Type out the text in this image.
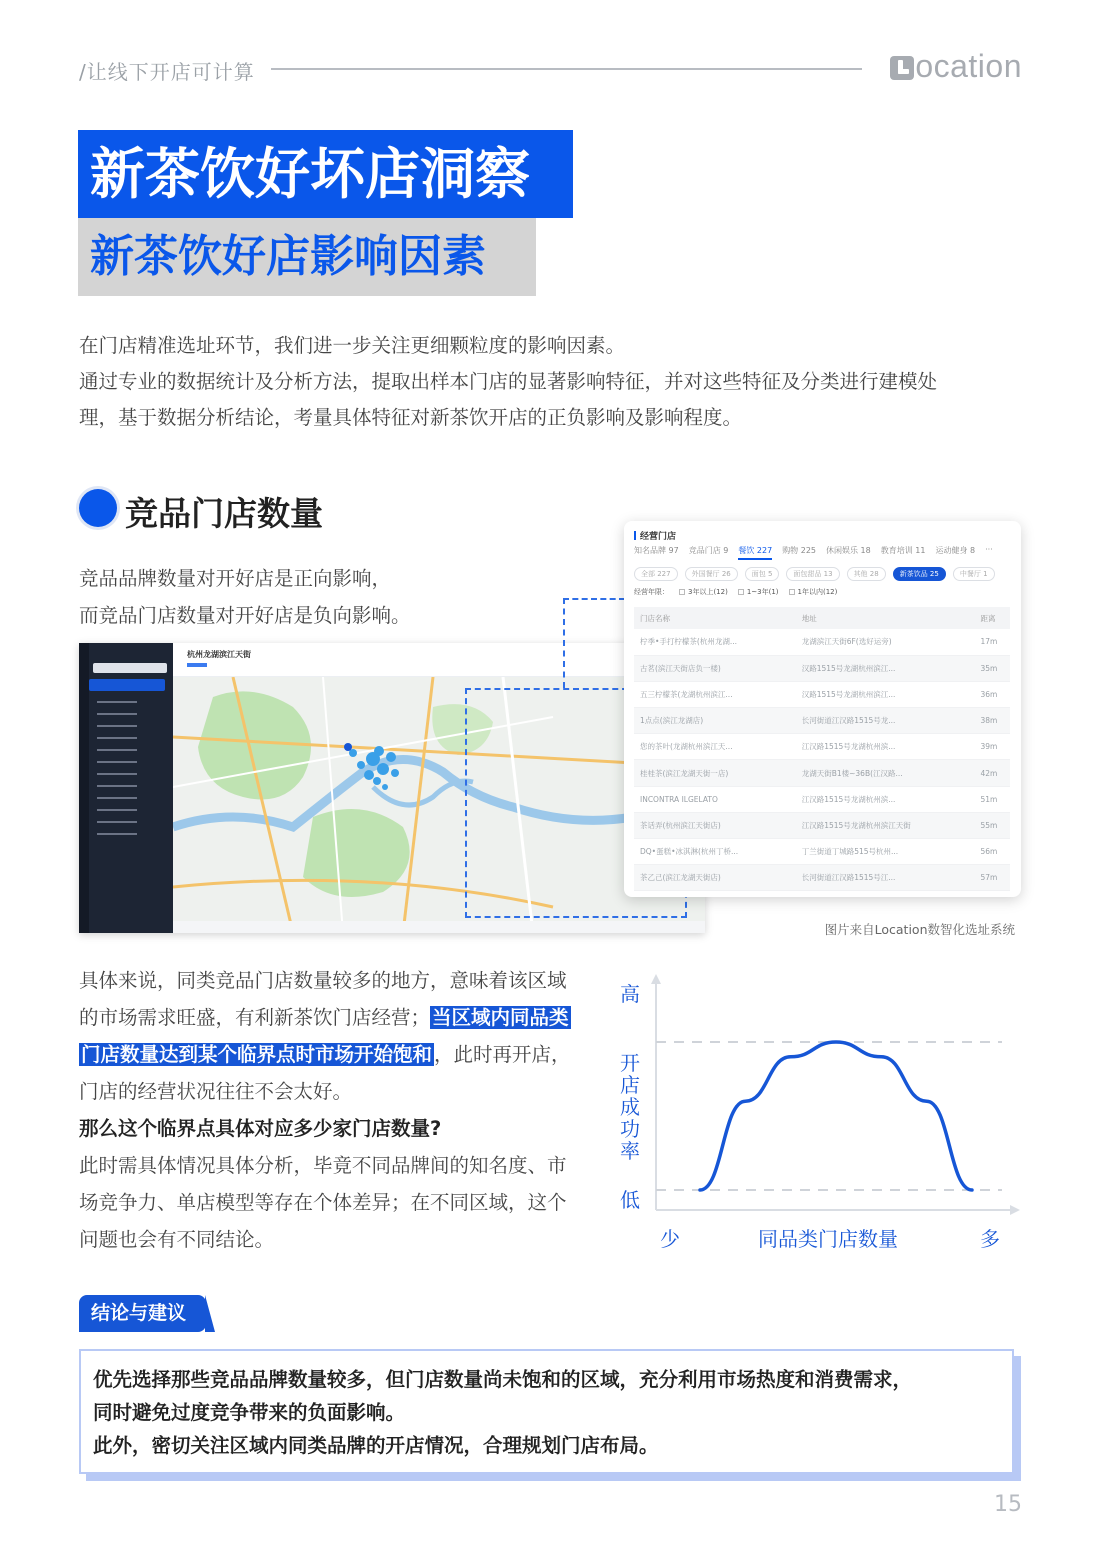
/让线下开店可计算	ocation
新茶饮好坏店洞察
新茶饮好店影响因素
在门店精准选址环节，我们进一步关注更细颗粒度的影响因素。
通过专业的数据统计及分析方法，提取出样本门店的显著影响特征，并对这些特征及分类进行建模处
理，基于数据分析结论，考量具体特征对新茶饮开店的正负影响及影响程度。
竞品门店数量
竞品品牌数量对开好店是正向影响，
而竞品门店数量对开好店是负向影响。
杭州龙湖滨江天街
经营门店
知名品牌 97 竞品门店 9 餐饮 227 购物 225 休闲娱乐 18 教育培训 11 运动健身 8 ···
全部 227	外国餐厅 26	面包 5	面包甜品 13	其他 28	新茶饮品 25	中餐厅 1
经营年限：	3年以上(12)	1~3年(1)	1年以内(12)
门店名称	地址	距离
柠季•手打柠檬茶(杭州龙湖...	龙湖滨江天街6F(选好运旁)	17m
古茗(滨江天街店负一楼)	汉路1515号龙湖杭州滨江...	35m
五三柠檬茶(龙湖杭州滨江...	汉路1515号龙湖杭州滨江...	36m
1点点(滨江龙湖店)	长河街道江汉路1515号龙...	38m
您的茶叶(龙湖杭州滨江天...	江汉路1515号龙湖杭州滨...	39m
桂桂茶(滨江龙湖天街一店)	龙湖天街B1楼~36B(江汉路...	42m
INCONTRA ILGELATO	江汉路1515号龙湖杭州滨...	51m
茶话弄(杭州滨江天街店)	江汉路1515号龙湖杭州滨江天街	55m
DQ•蛋糕•冰淇淋(杭州丁桥...	丁兰街道丁城路515号杭州...	56m
茶乙己(滨江龙湖天街店)	长河街道江汉路1515号江...	57m
图片来自Location数智化选址系统
具体来说，同类竞品门店数量较多的地方，意味着该区域
的市场需求旺盛，有利新茶饮门店经营； 当区域内同品类
门店数量达到某个临界点时市场开始饱和 ，此时再开店，
门店的经营状况往往不会太好。
那么这个临界点具体对应多少家门店数量?
此时需具体情况具体分析，毕竟不同品牌间的知名度、市
场竞争力、单店模型等存在个体差异；在不同区域，这个
问题也会有不同结论。
高
开
店
成
功
率
低
少	同品类门店数量	多
结论与建议
优先选择那些竞品品牌数量较多，但门店数量尚未饱和的区域，充分利用市场热度和消费需求，
同时避免过度竞争带来的负面影响。
此外，密切关注区域内同类品牌的开店情况，合理规划门店布局。
15
